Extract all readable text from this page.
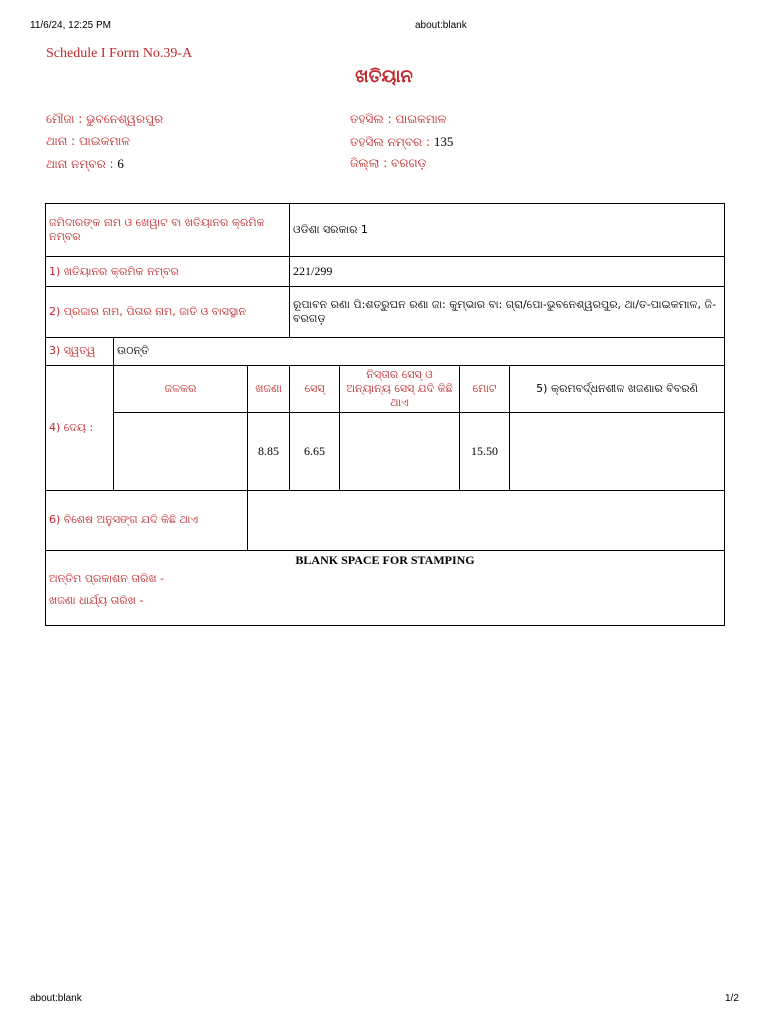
11/6/24, 12:25 PM	about:blank
Schedule I Form No.39-A
ଖତିୟାନ
ମୌଜା : ଭୁବନେଶ୍ୱରପୁର
ଥାନା : ପାଇକମାଳ
ଥାନା ନମ୍ବର : 6
ତହସିଲ : ପାଇକମାଳ
ତହସିଲ ନମ୍ବର : 135
ଜିଲ୍ଲା : ବରଗଡ଼
ଜମିଦାରଙ୍କ ନାମ ଓ ଖେୱାଟ ବା ଖତିୟାନର କ୍ରମିକ ନମ୍ବର			ଓଡିଶା ସରକାର 1			
1) ଖତିୟାନର କ୍ରମିକ ନମ୍ବର			221/299			
2) ପ୍ରଜାର ନାମ, ପିତାର ନାମ, ଜାତି ଓ ବାସସ୍ଥାନ			ରୂପାବନ ରଣା ପି:ଶତ୍ରୁଘନ ରଣା ଜା: କୁମ୍ଭାର ବା: ଗ୍ରା/ପୋ-ଭୁବନେଶ୍ୱରପୁର, ଥା/ତ-ପାଇକମାଳ, ଜି-ବରଗଡ଼			
3) ସ୍ୱତ୍ୱ	ଉଠନ୍ତି					
4) ଦେୟ :	ଜଳକର	ଖଜଣା	ସେସ୍	ନିସ୍ତାର ସେସ୍ ଓ ଅନ୍ୟାନ୍ୟ ସେସ୍ ଯଦି କିଛି ଥାଏ	ମୋଟ	5) କ୍ରମବର୍ଦ୍ଧନଶୀଳ ଖଜଣାର ବିବରଣି
		8.85	6.65		15.50	
6) ବିଶେଷ ଅନୁସଙ୍ଗ ଯଦି କିଛି ଥାଏ						

BLANK SPACE FOR STAMPING
ଅନ୍ତିମ ପ୍ରକାଶନ ତାରିଖ -
ଖଜଣା ଧାର୍ଯ୍ୟ ତାରିଖ -						
about:blank	1/2
